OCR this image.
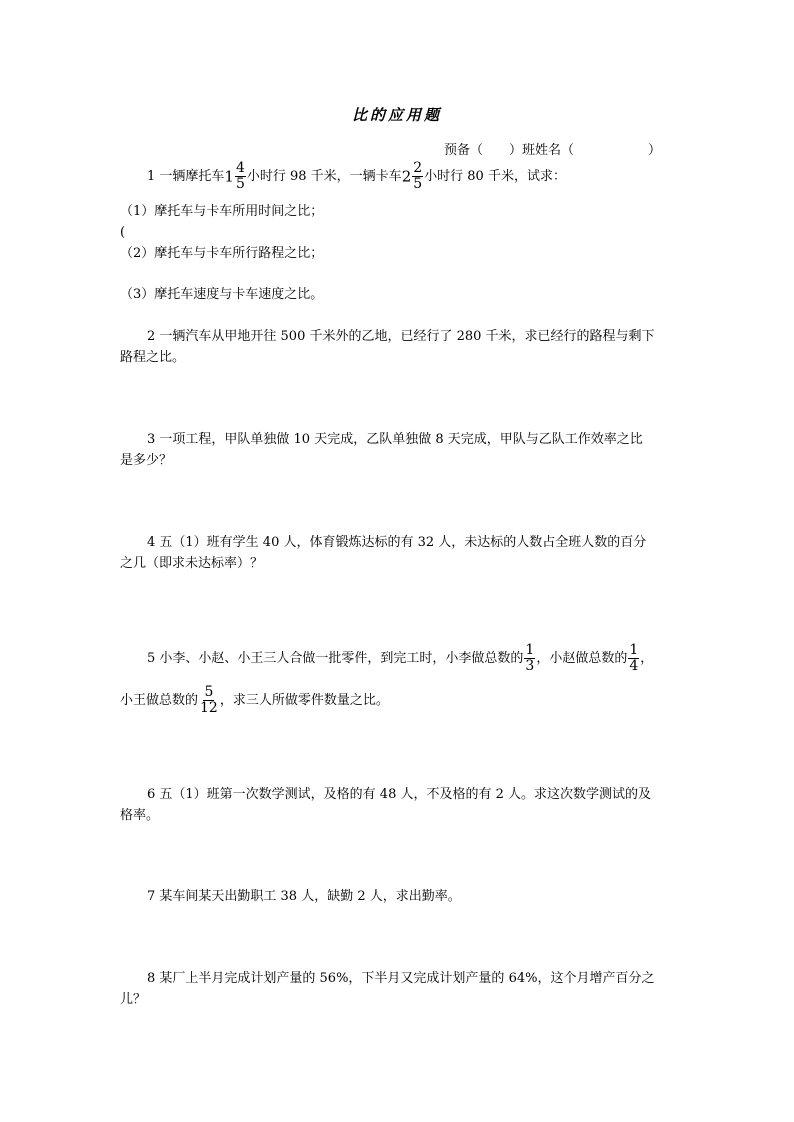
比的应用题
预备（ ）班姓名（	）
1 一辆摩托车$1 \frac{4}{5}$ 小时行 98 千米，一辆卡车$2 \frac{2}{5}$ 小时行 80 千米，试求：
（1）摩托车与卡车所用时间之比；
(
（2）摩托车与卡车所行路程之比；
（3）摩托车速度与卡车速度之比。
2 一辆汽车从甲地开往 500 千米外的乙地，已经行了 280 千米，求已经行的路程与剩下
路程之比。
3 一项工程，甲队单独做 10 天完成，乙队单独做 8 天完成，甲队与乙队工作效率之比
是多少？
4 五（1）班有学生 40 人，体育锻炼达标的有 32 人，未达标的人数占全班人数的百分
之几（即求未达标率）？
5 小李、小赵、小王三人合做一批零件，到完工时，小李做总数的 $\frac{1}{3}$ ，小赵做总数的 $\frac{1}{4}$ ，
小王做总数的 $\frac{5}{12}$ ，求三人所做零件数量之比。
6 五（1）班第一次数学测试，及格的有 48 人，不及格的有 2 人。求这次数学测试的及
格率。
7 某车间某天出勤职工 38 人，缺勤 2 人，求出勤率。
8 某厂上半月完成计划产量的 56%，下半月又完成计划产量的 64%，这个月增产百分之
儿？
